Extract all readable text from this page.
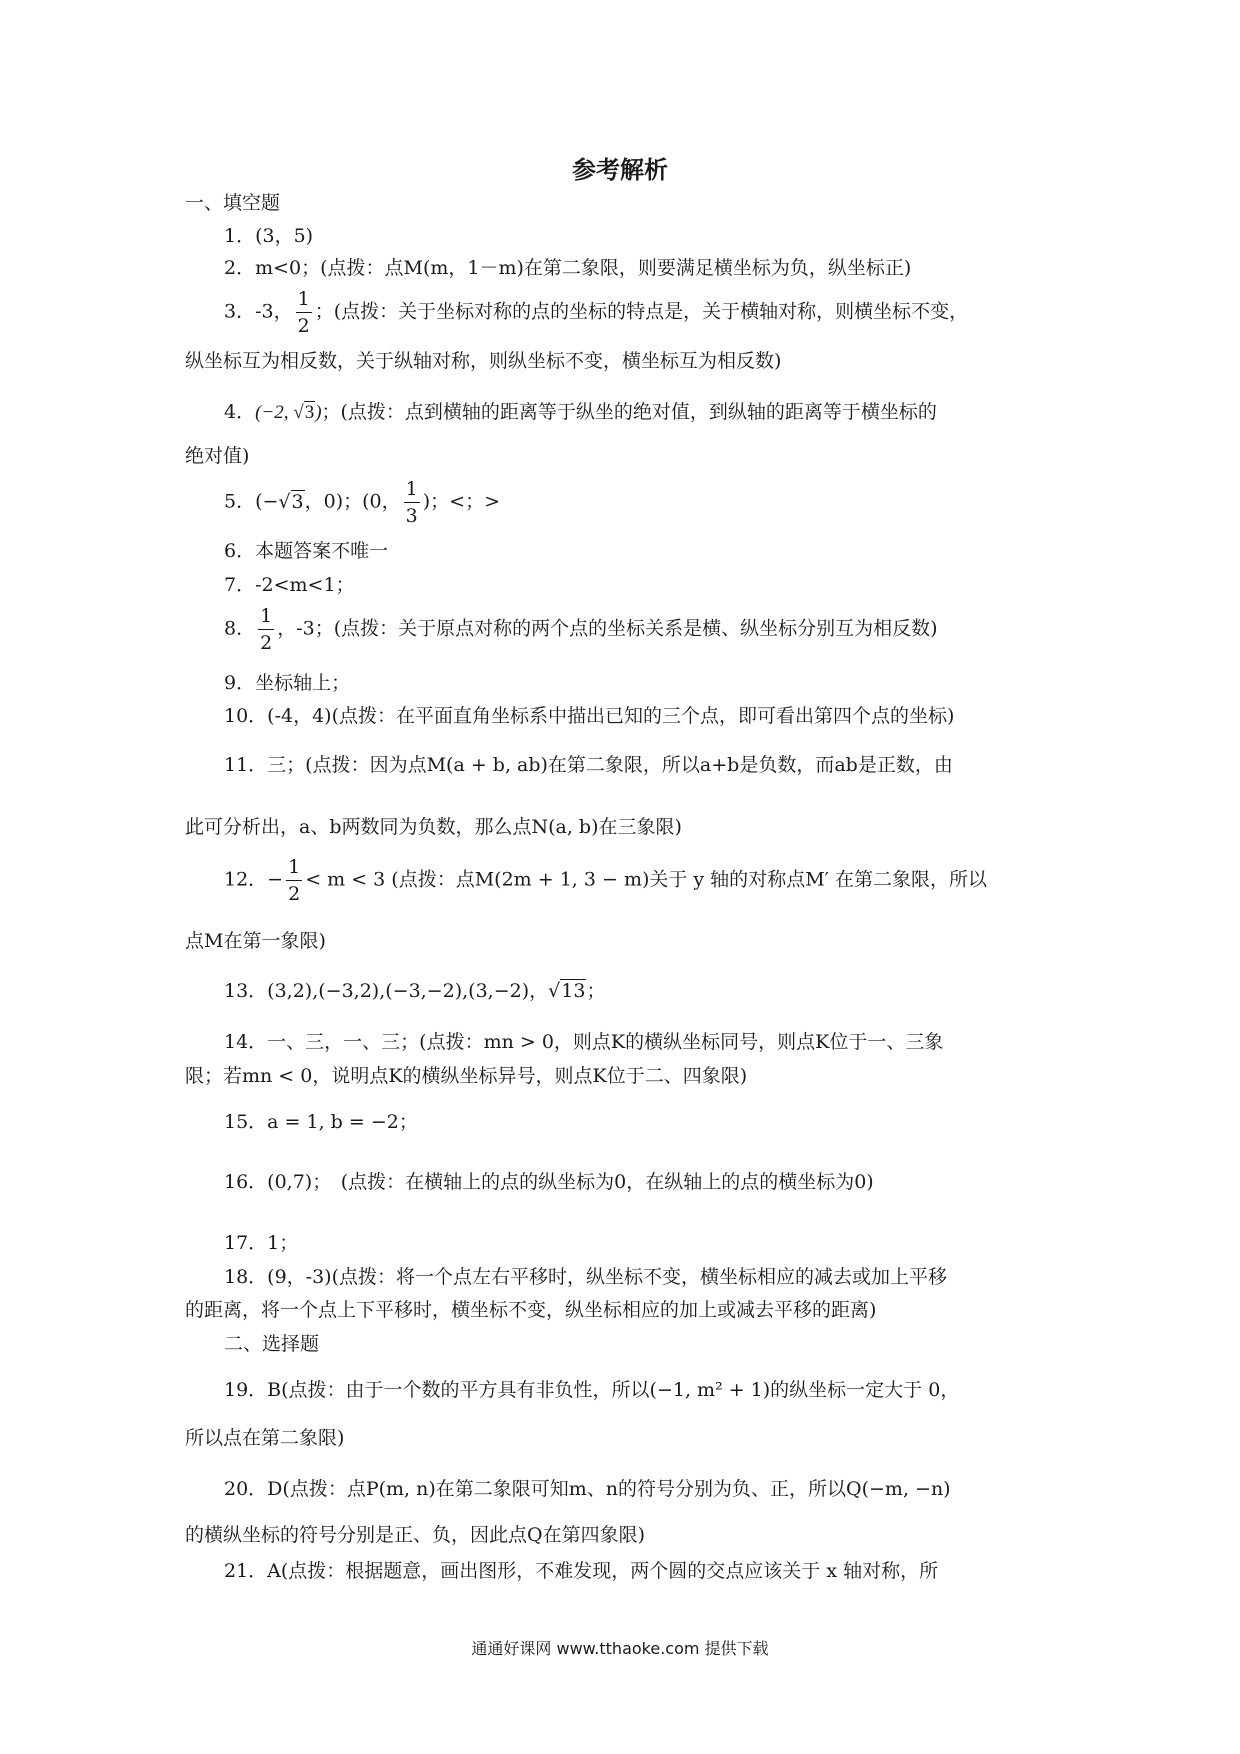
参考解析
一、填空题
1．(3，5)
2．m<0；(点拨：点M(m，1－m)在第二象限，则要满足横坐标为负，纵坐标正)
3．-3， $\frac{1}{2}$ ；(点拨：关于坐标对称的点的坐标的特点是，关于横轴对称，则横坐标不变，
纵坐标互为相反数，关于纵轴对称，则纵坐标不变，横坐标互为相反数)
4．(−2, √3)；(点拨：点到横轴的距离等于纵坐的绝对值，到纵轴的距离等于横坐标的
绝对值)
5．(−√3，0)；(0， $\frac{1}{3}$ )；<；>
6．本题答案不唯一
7．-2<m<1；
8． $\frac{1}{2}$ ，-3；(点拨：关于原点对称的两个点的坐标关系是横、纵坐标分别互为相反数)
9．坐标轴上；
10．(-4，4)(点拨：在平面直角坐标系中描出已知的三个点，即可看出第四个点的坐标)
11．三；(点拨：因为点M(a + b, ab)在第二象限，所以a+b是负数，而ab是正数，由
此可分析出，a、b两数同为负数，那么点N(a, b)在三象限)
12．− $\frac{1}{2} < m < 3$ (点拨：点M(2m + 1, 3 − m)关于 y 轴的对称点M′ 在第二象限，所以
点M在第一象限)
13．(3,2),(−3,2),(−3,−2),(3,−2)，√13；
14．一、三，一、三；(点拨：mn > 0，则点K的横纵坐标同号，则点K位于一、三象
限；若mn < 0，说明点K的横纵坐标异号，则点K位于二、四象限)
15．a = 1, b = −2；
16．(0,7)；　(点拨：在横轴上的点的纵坐标为0，在纵轴上的点的横坐标为0)
17．1；
18．(9，-3)(点拨：将一个点左右平移时，纵坐标不变，横坐标相应的减去或加上平移
的距离，将一个点上下平移时，横坐标不变，纵坐标相应的加上或减去平移的距离)
二、选择题
19．B(点拨：由于一个数的平方具有非负性，所以(−1, m² + 1)的纵坐标一定大于 0，
所以点在第二象限)
20．D(点拨：点P(m, n)在第二象限可知m、n的符号分别为负、正，所以Q(−m, −n)
的横纵坐标的符号分别是正、负，因此点Q在第四象限)
21．A(点拨：根据题意，画出图形，不难发现，两个圆的交点应该关于 x 轴对称，所
通通好课网 www.tthaoke.com 提供下载
